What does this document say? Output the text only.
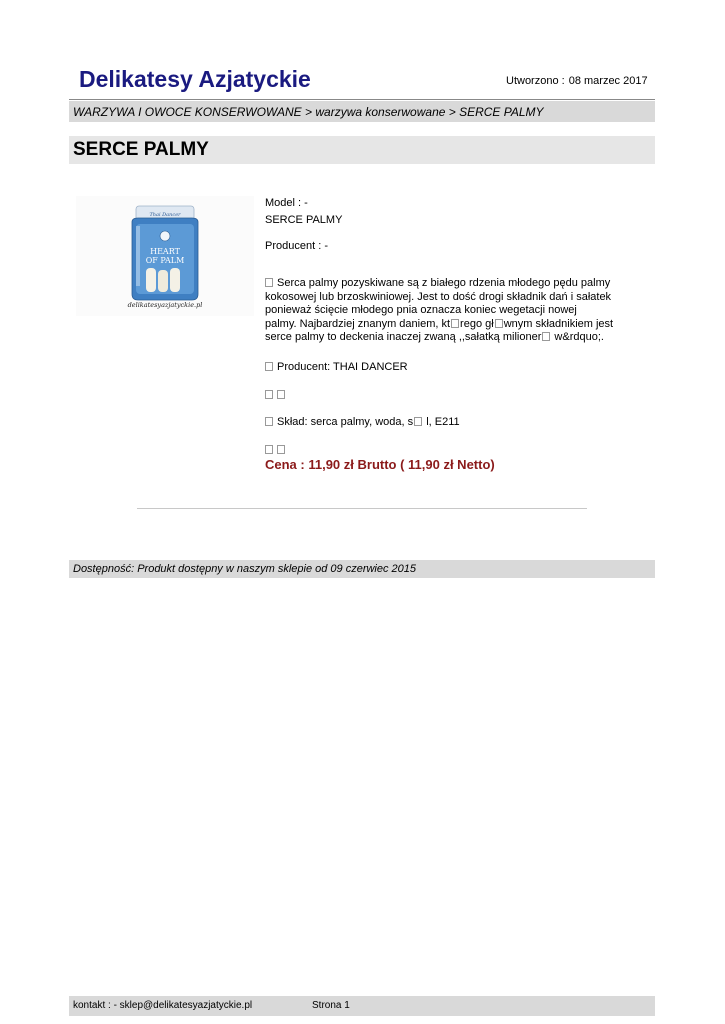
Delikatesy Azjatyckie	Utworzono : 08 marzec 2017
WARZYWA I OWOCE KONSERWOWANE > warzywa konserwowane > SERCE PALMY
SERCE PALMY
Thai Dancer
HEART
OF PALM
delikatesyazjatyckie.pl
Model : -
SERCE PALMY
Producent : -
Serca palmy pozyskiwane są z białego rdzenia młodego pędu palmy
kokosowej lub brzoskwiniowej. Jest to dość drogi składnik dań i sałatek
ponieważ ścięcie młodego pnia oznacza koniec wegetacji nowej
palmy. Najbardziej znanym daniem, kt rego gł wnym składnikiem jest
serce palmy to deckenia inaczej zwaną ,,sałatką milioner w&rdquo;.
Producent: THAI DANCER
Skład: serca palmy, woda, s l, E211
Cena : 11,90 zł Brutto ( 11,90 zł Netto)
Dostępność: Produkt dostępny w naszym sklepie od 09 czerwiec 2015
kontakt : - sklep@delikatesyazjatyckie.pl	Strona 1
